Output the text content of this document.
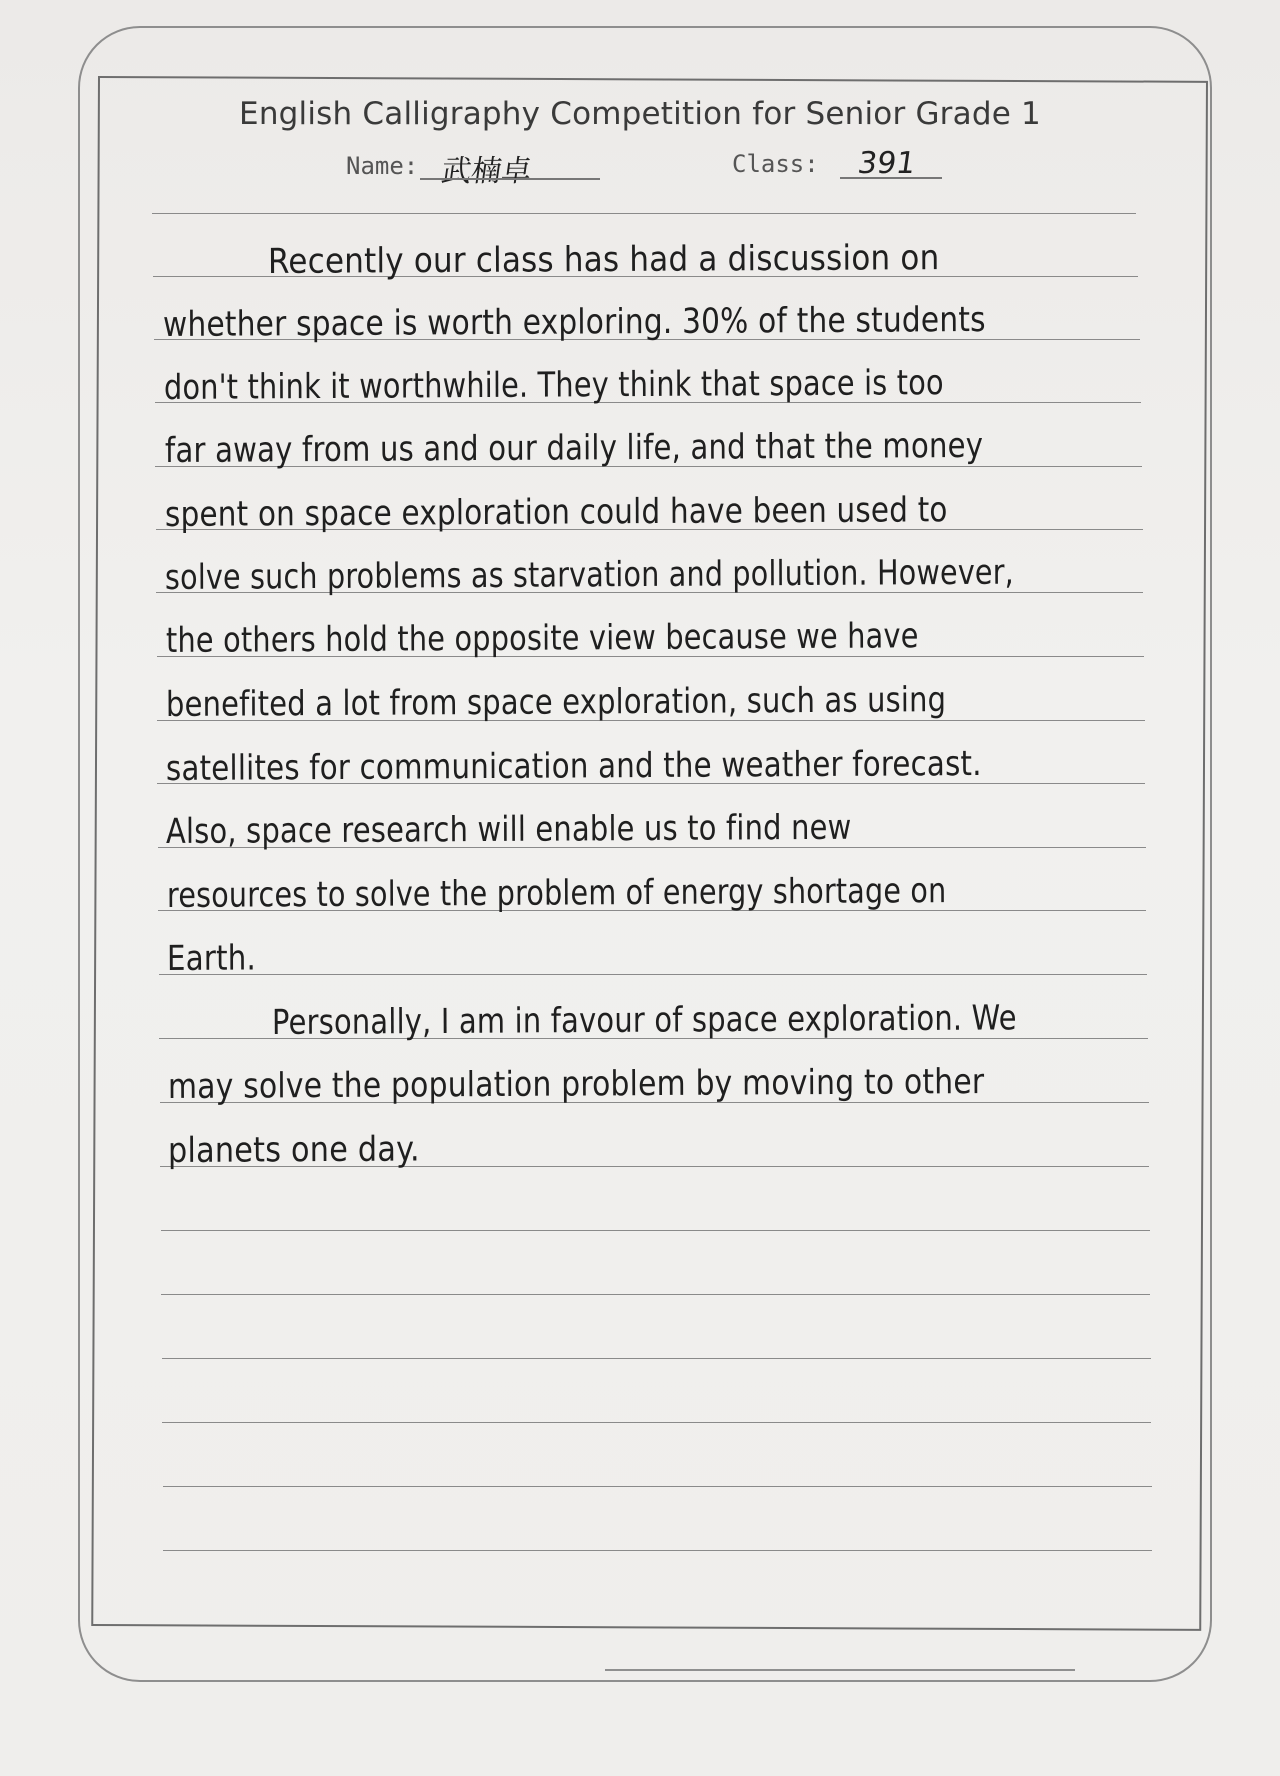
English Calligraphy Competition for Senior Grade 1
Name: 武楠卓	Class: 391
Recently our class has had a discussion on
whether space is worth exploring. 30% of the students
don't think it worthwhile. They think that space is too
far away from us and our daily life, and that the money
spent on space exploration could have been used to
solve such problems as starvation and pollution. However,
the others hold the opposite view because we have
benefited a lot from space exploration, such as using
satellites for communication and the weather forecast.
Also, space research will enable us to find new
resources to solve the problem of energy shortage on
Earth.
Personally, I am in favour of space exploration. We
may solve the population problem by moving to other
planets one day.
